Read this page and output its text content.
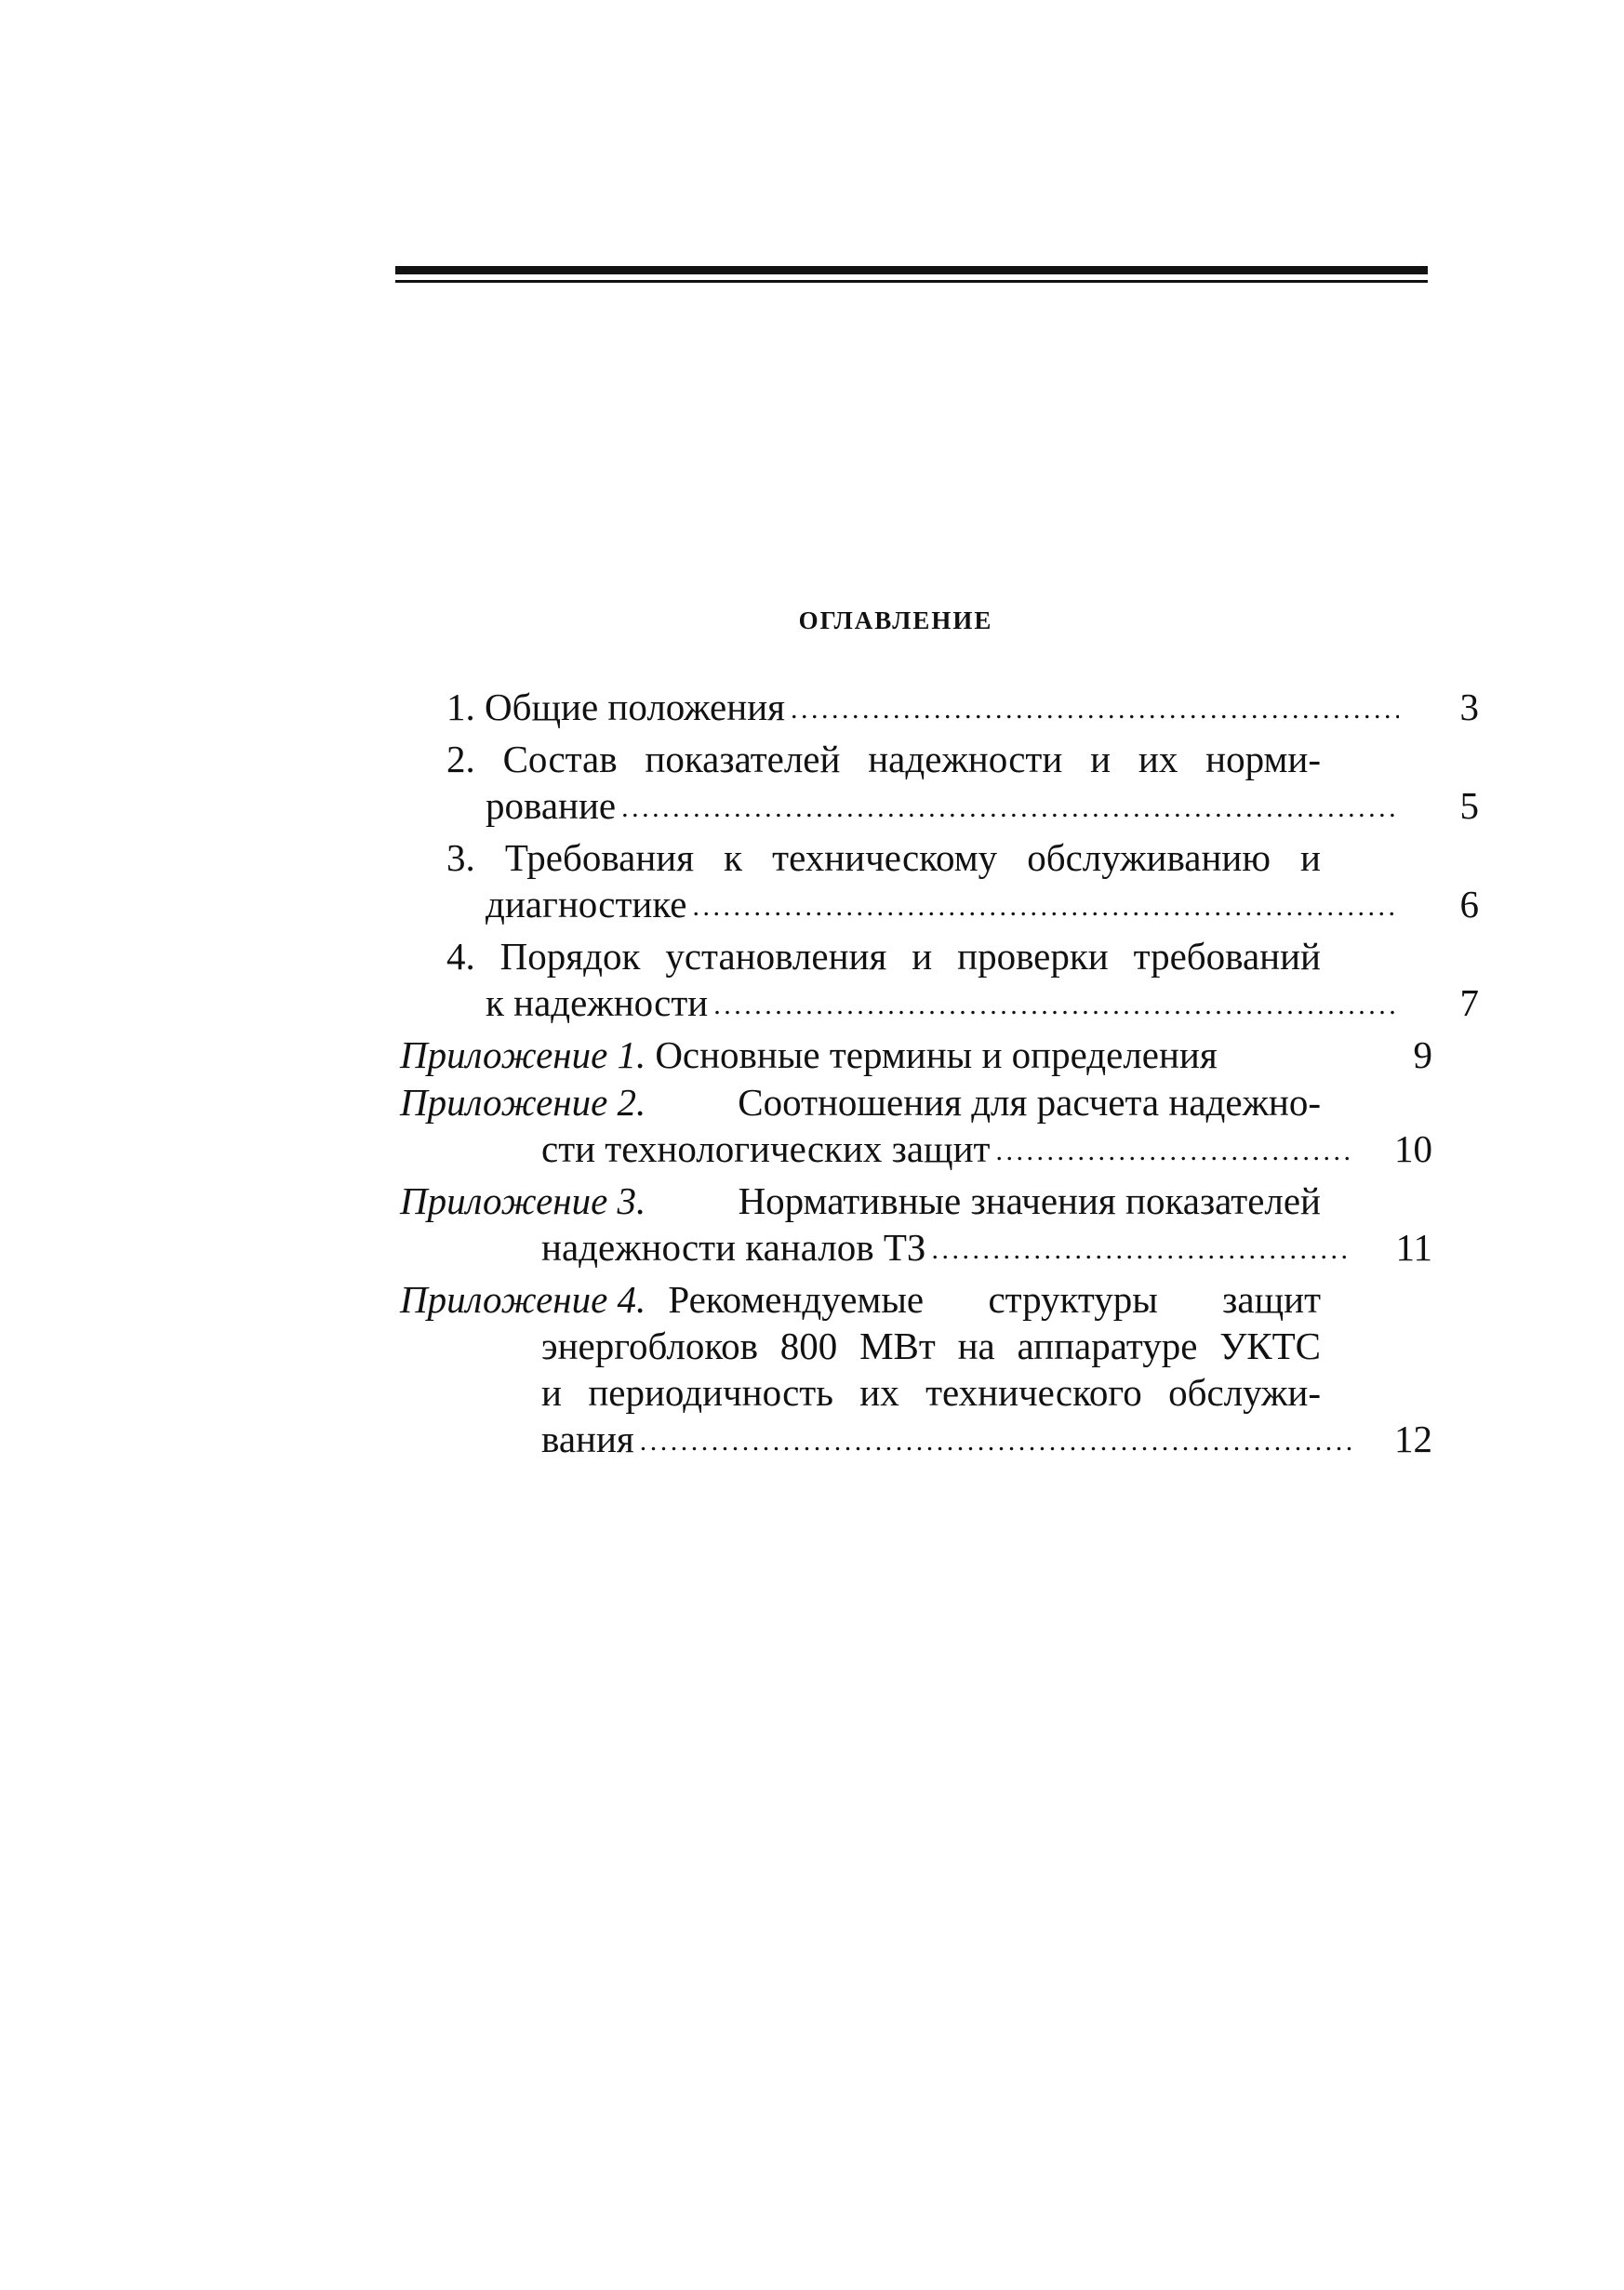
ОГЛАВЛЕНИЕ
1. Общие положения . . .	3
2. Состав показателей надежности и их норми-
рование . . .	5
3. Требования к техническому обслуживанию и
диагностике . . .	6
4. Порядок установления и проверки требований
к надежности . . .	7
Приложение 1. Основные термины и определения	9
Приложение 2. Соотношения для расчета надежно-
сти технологических защит . . .	10
Приложение 3. Нормативные значения показателей
надежности каналов ТЗ . . .	11
Приложение 4. Рекомендуемые структуры защит
энергоблоков 800 МВт на аппаратуре УКТС
и периодичность их технического обслужи-
вания . . .	12
